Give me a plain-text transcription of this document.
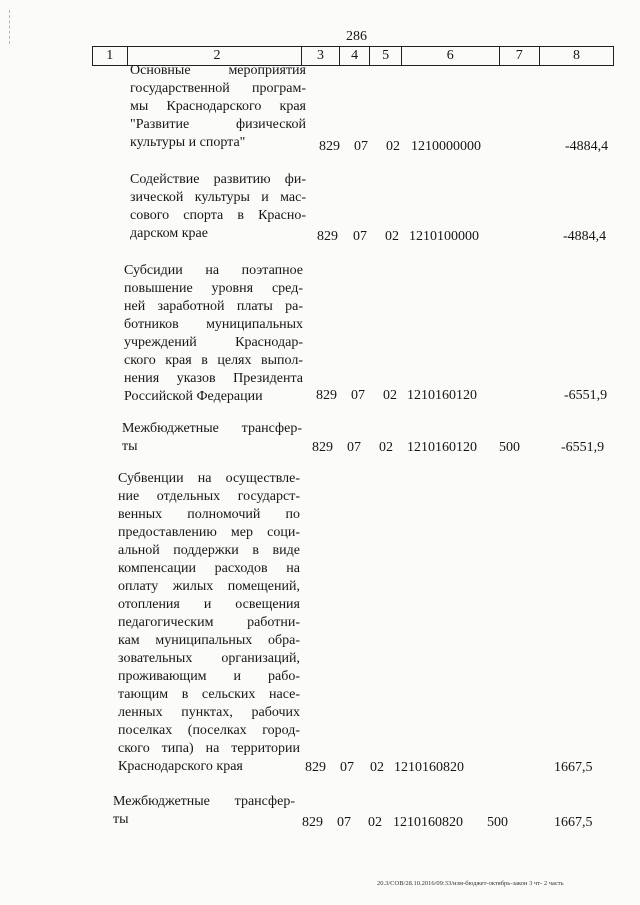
286
1	2	3	4	5	6	7	8
Основные мероприятия
государственной програм-
мы Краснодарского края
"Развитие физической
культуры и спорта"	829 07 02 1210000000	-4884,4
Содействие развитию фи-
зической культуры и мас-
сового спорта в Красно-
дарском крае	829 07 02 1210100000	-4884,4
Субсидии на поэтапное
повышение уровня сред-
ней заработной платы ра-
ботников муниципальных
учреждений Краснодар-
ского края в целях выпол-
нения указов Президента
Российской Федерации	829 07 02 1210160120	-6551,9
Межбюджетные трансфер-
ты	829 07 02 1210160120 500	-6551,9
Субвенции на осуществле-
ние отдельных государст-
венных полномочий по
предоставлению мер соци-
альной поддержки в виде
компенсации расходов на
оплату жилых помещений,
отопления и освещения
педагогическим работни-
кам муниципальных обра-
зовательных организаций,
проживающим и рабо-
тающим в сельских насе-
ленных пунктах, рабочих
поселках (поселках город-
ского типа) на территории
Краснодарского края	829 07 02 1210160820	1667,5
Межбюджетные трансфер-
ты	829 07 02 1210160820 500	1667,5
20.3/СОВ/28.10.2016/09:33/изм-бюджет-октябрь-закон 3 чт- 2 часть
